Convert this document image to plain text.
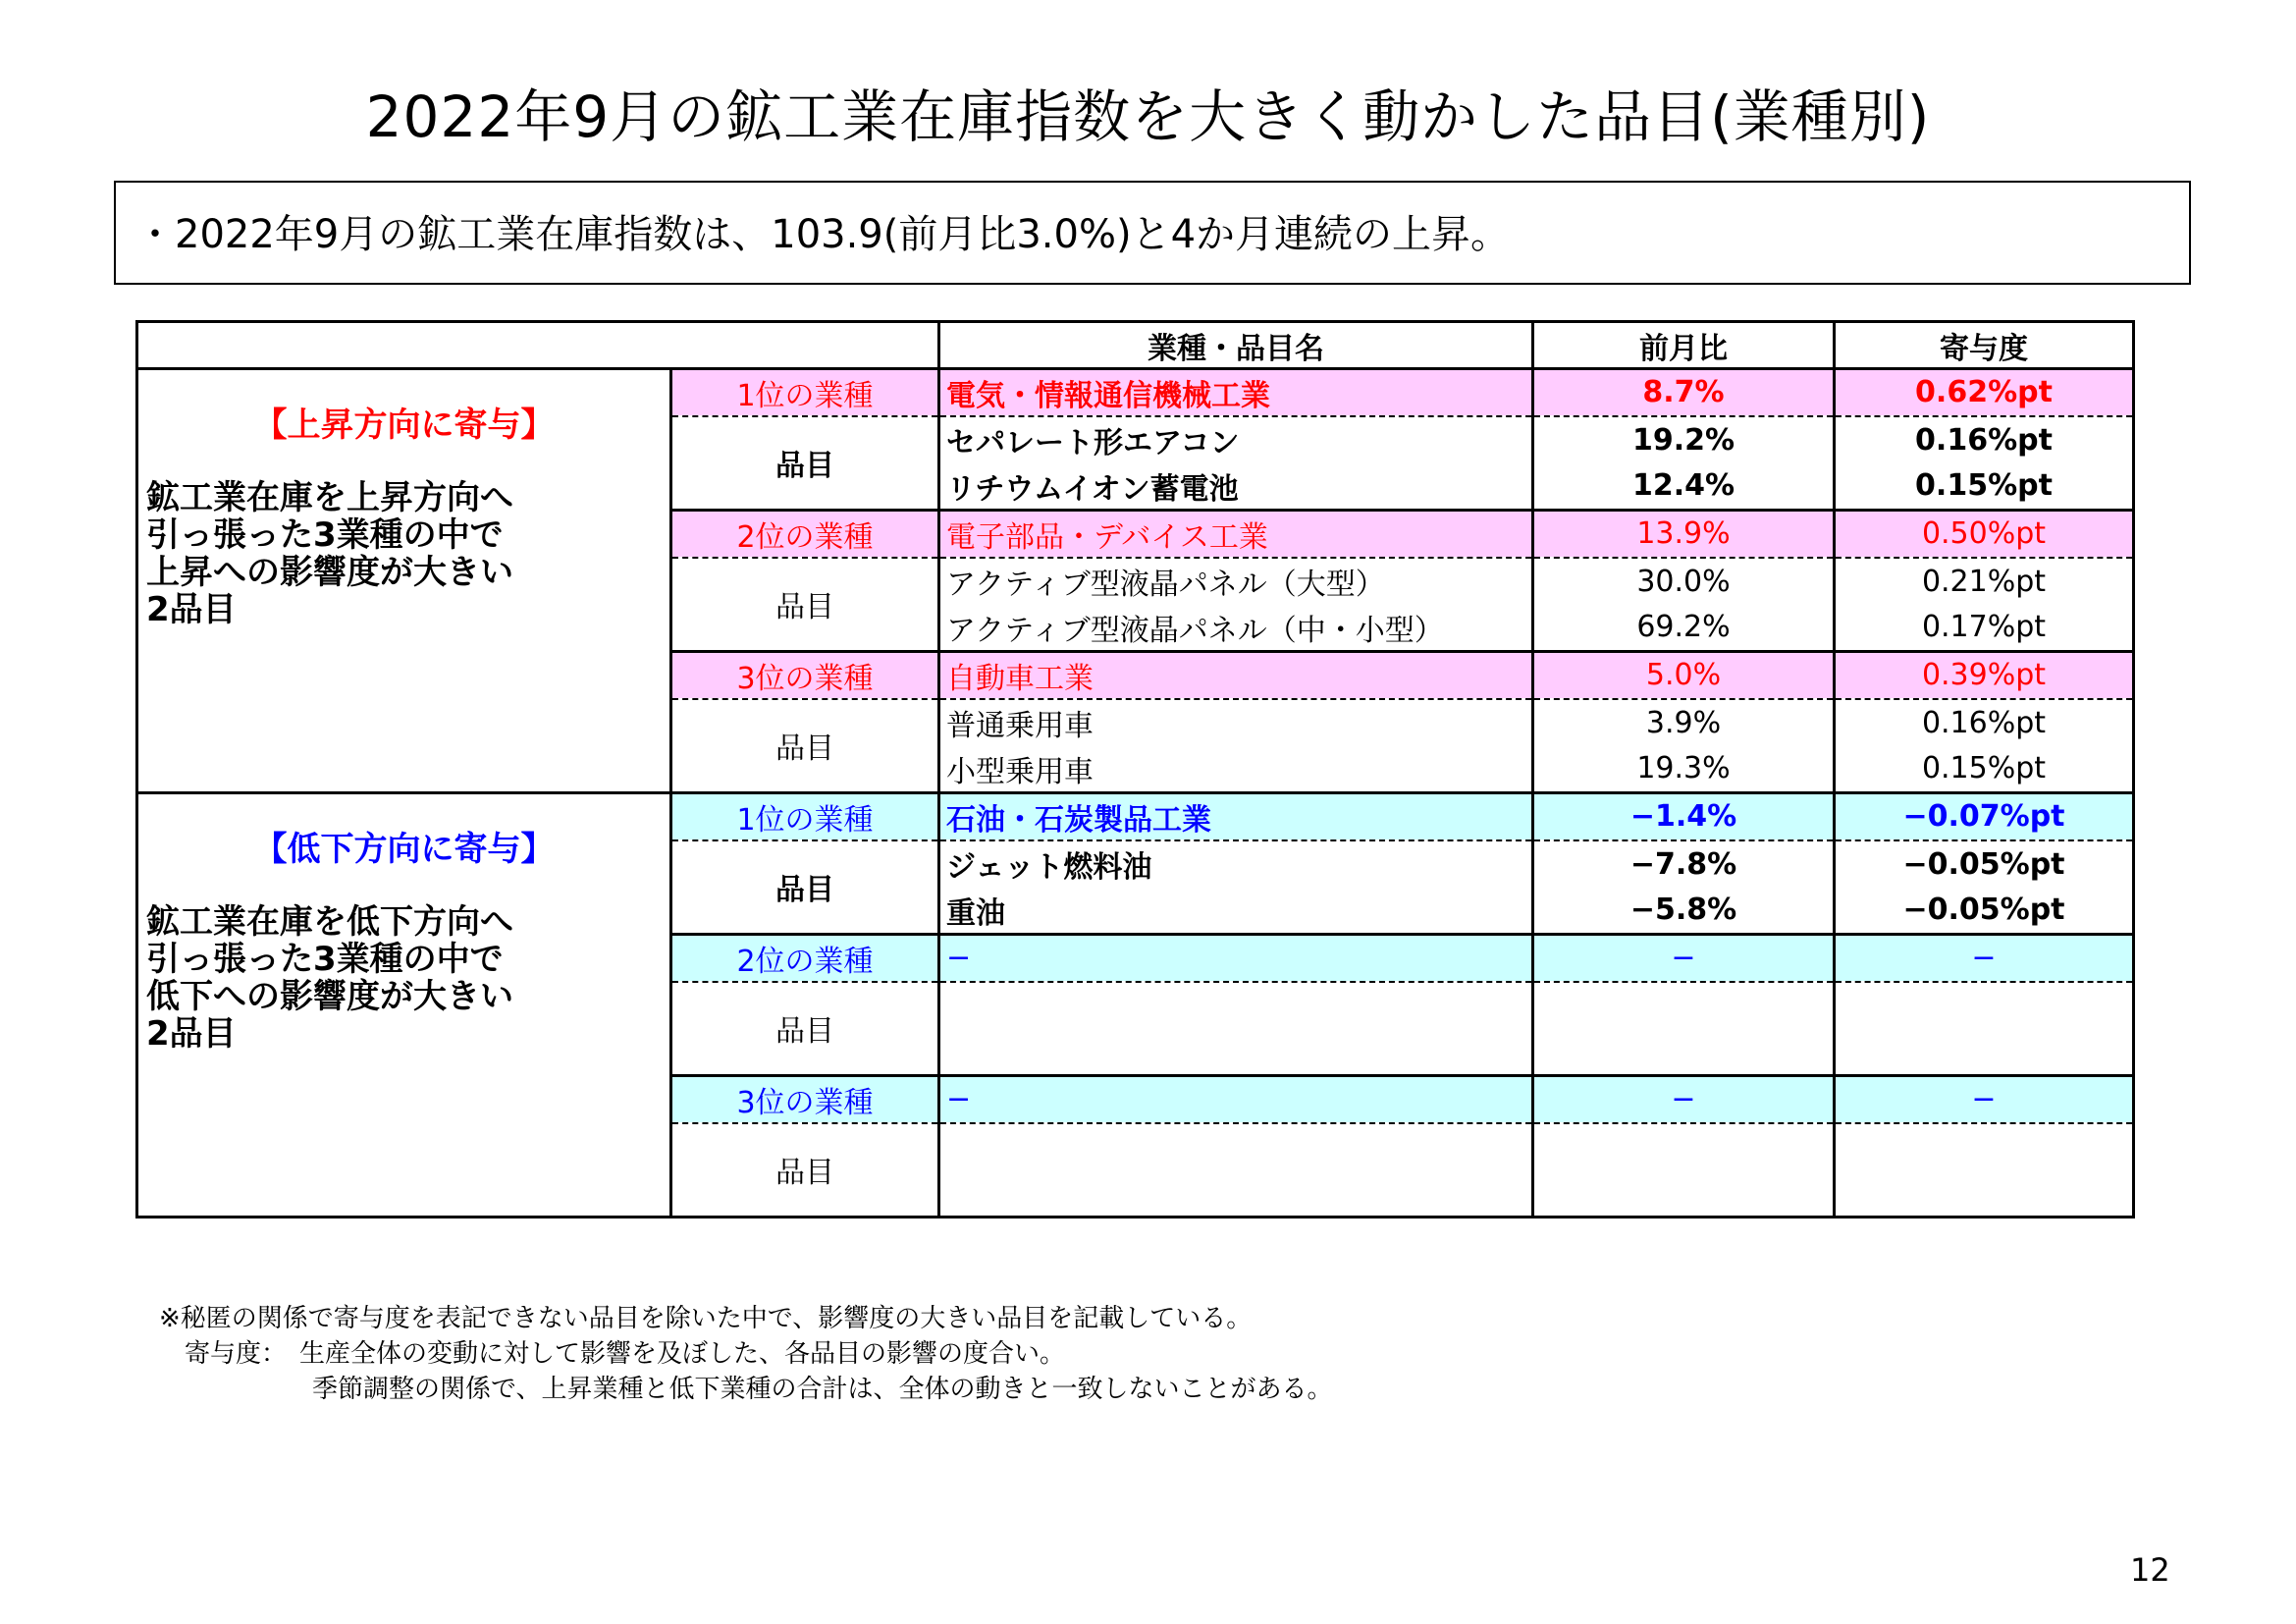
2022年9月の鉱工業在庫指数を大きく動かした品目(業種別)
・2022年9月の鉱工業在庫指数は、103.9(前月比3.0%)と4か月連続の上昇。
		業種・品目名	前月比	寄与度

【上昇方向に寄与】
鉱工業在庫を上昇方向へ
引っ張った3業種の中で
上昇への影響度が大きい
2品目	1位の業種	電気・情報通信機械工業	8.7%	0.62%pt
	品目	セパレート形エアコン	19.2%	0.16%pt
		リチウムイオン蓄電池	12.4%	0.15%pt
	2位の業種	電子部品・デバイス工業	13.9%	0.50%pt
	品目	アクティブ型液晶パネル（大型）	30.0%	0.21%pt
		アクティブ型液晶パネル（中・小型）	69.2%	0.17%pt
	3位の業種	自動車工業	5.0%	0.39%pt
	品目	普通乗用車	3.9%	0.16%pt
		小型乗用車	19.3%	0.15%pt

【低下方向に寄与】
鉱工業在庫を低下方向へ
引っ張った3業種の中で
低下への影響度が大きい
2品目	1位の業種	石油・石炭製品工業	−1.4%	−0.07%pt
	品目	ジェット燃料油	−7.8%	−0.05%pt
		重油	−5.8%	−0.05%pt
	2位の業種	−	−	−
	品目			

	3位の業種	−	−	−
	品目			

※秘匿の関係で寄与度を表記できない品目を除いた中で、影響度の大きい品目を記載している。
　寄与度：　生産全体の変動に対して影響を及ぼした、各品目の影響の度合い。
　　　　　　季節調整の関係で、上昇業種と低下業種の合計は、全体の動きと一致しないことがある。
12
